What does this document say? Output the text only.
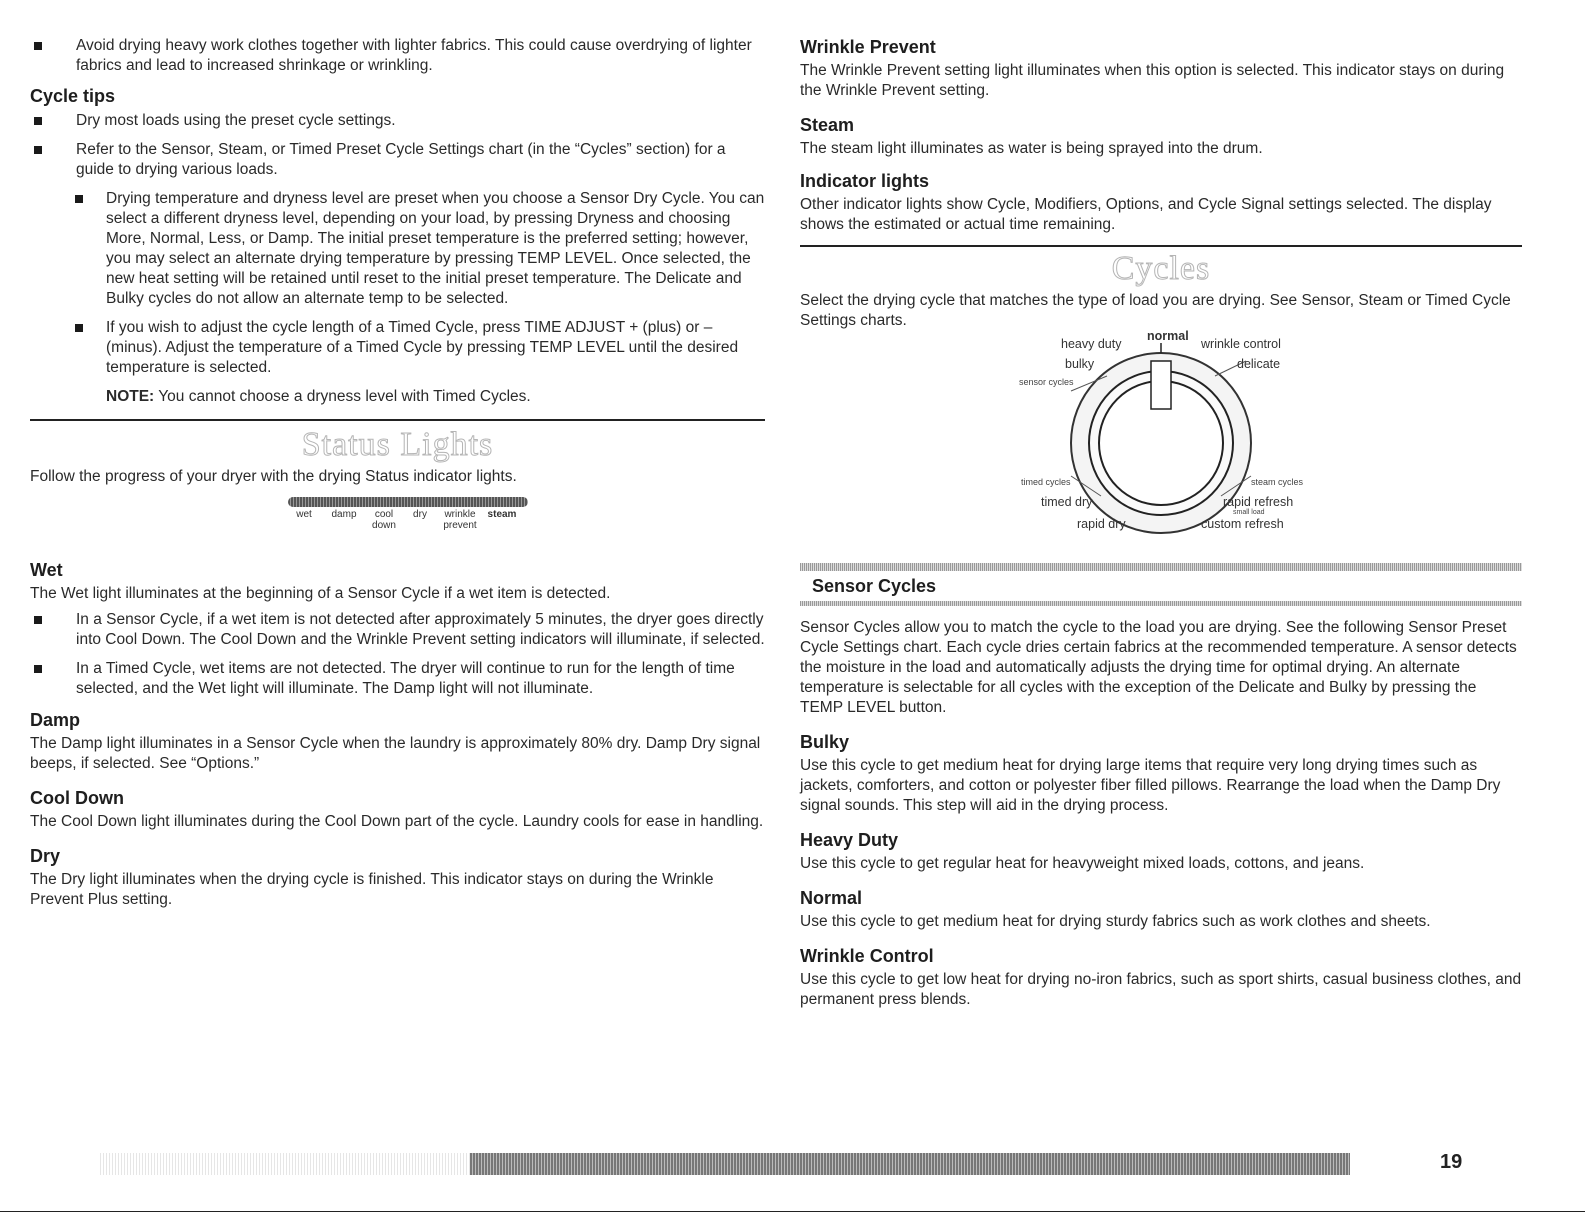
Avoid drying heavy work clothes together with lighter fabrics. This could cause overdrying of lighter fabrics and lead to increased shrinkage or wrinkling.
Cycle tips
Dry most loads using the preset cycle settings.
Refer to the Sensor, Steam, or Timed Preset Cycle Settings chart (in the “Cycles” section) for a guide to drying various loads.
Drying temperature and dryness level are preset when you choose a Sensor Dry Cycle. You can select a different dryness level, depending on your load, by pressing Dryness and choosing More, Normal, Less, or Damp. The initial preset temperature is the preferred setting; however, you may select an alternate drying temperature by pressing TEMP LEVEL. Once selected, the new heat setting will be retained until reset to the initial preset temperature. The Delicate and Bulky cycles do not allow an alternate temp to be selected.
If you wish to adjust the cycle length of a Timed Cycle, press TIME ADJUST + (plus) or – (minus). Adjust the temperature of a Timed Cycle by pressing TEMP LEVEL until the desired temperature is selected.
NOTE: You cannot choose a dryness level with Timed Cycles.
Status Lights

Follow the progress of your dryer with the drying Status indicator lights.

wet	damp	cool
down
dry	wrinkle
prevent
steam
Wet

The Wet light illuminates at the beginning of a Sensor Cycle if a wet item is detected.

In a Sensor Cycle, if a wet item is not detected after approximately 5 minutes, the dryer goes directly into Cool Down. The Cool Down and the Wrinkle Prevent setting indicators will illuminate, if selected.
In a Timed Cycle, wet items are not detected. The dryer will continue to run for the length of time selected, and the Wet light will illuminate. The Damp light will not illuminate.
Damp

The Damp light illuminates in a Sensor Cycle when the laundry is approximately 80% dry. Damp Dry signal beeps, if selected. See “Options.”

Cool Down

The Cool Down light illuminates during the Cool Down part of the cycle. Laundry cools for ease in handling.

Dry

The Dry light illuminates when the drying cycle is finished. This indicator stays on during the Wrinkle Prevent Plus setting.

Wrinkle Prevent

The Wrinkle Prevent setting light illuminates when this option is selected. This indicator stays on during the Wrinkle Prevent setting.

Steam

The steam light illuminates as water is being sprayed into the drum.

Indicator lights

Other indicator lights show Cycle, Modifiers, Options, and Cycle Signal settings selected. The display shows the estimated or actual time remaining.

Cycles

Select the drying cycle that matches the type of load you are drying. See Sensor, Steam or Timed Cycle Settings charts.

normal
heavy duty	wrinkle control
bulky	delicate
sensor cycles
timed cycles	steam cycles
timed dry	rapid refresh
small load
rapid dry	custom refresh
Sensor Cycles

Sensor Cycles allow you to match the cycle to the load you are drying. See the following Sensor Preset Cycle Settings chart. Each cycle dries certain fabrics at the recommended temperature. A sensor detects the moisture in the load and automatically adjusts the drying time for optimal drying. An alternate temperature is selectable for all cycles with the exception of the Delicate and Bulky by pressing the TEMP LEVEL button.

Bulky

Use this cycle to get medium heat for drying large items that require very long drying times such as jackets, comforters, and cotton or polyester fiber filled pillows. Rearrange the load when the Damp Dry signal sounds. This step will aid in the drying process.

Heavy Duty

Use this cycle to get regular heat for heavyweight mixed loads, cottons, and jeans.

Normal

Use this cycle to get medium heat for drying sturdy fabrics such as work clothes and sheets.

Wrinkle Control

Use this cycle to get low heat for drying no-iron fabrics, such as sport shirts, casual business clothes, and permanent press blends.

19
